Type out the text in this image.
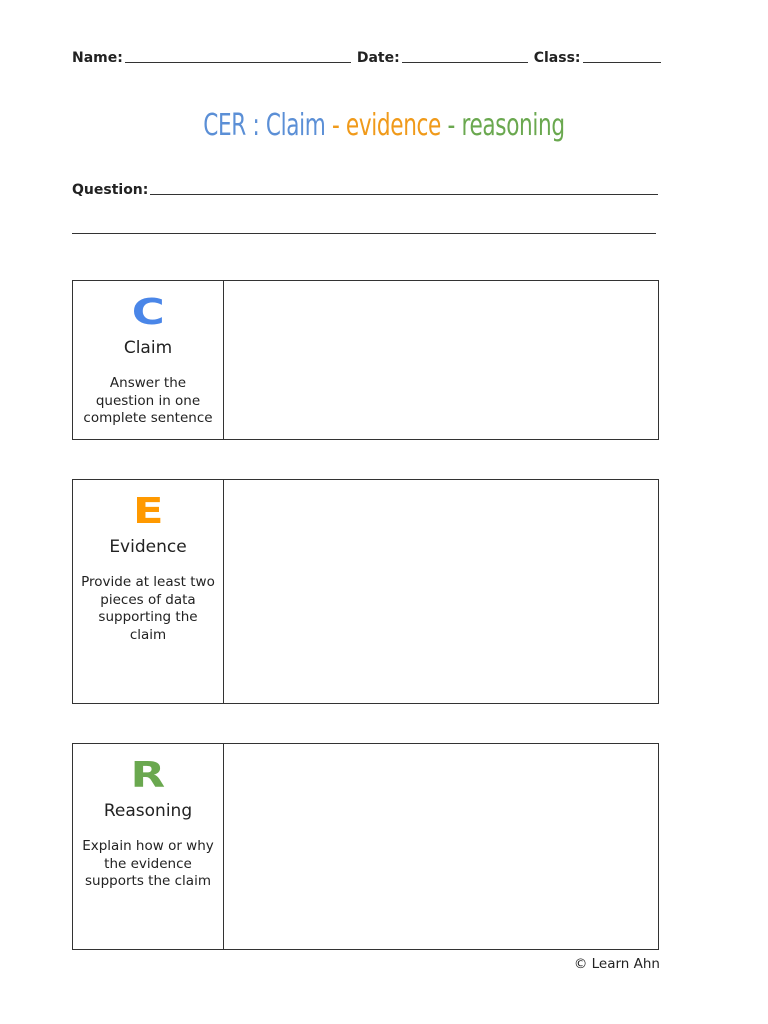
Name:	Date:	Class:
CER : Claim - evidence - reasoning
Question:
C
Claim
Answer the question in one complete sentence
E
Evidence
Provide at least two pieces of data supporting the claim
R
Reasoning
Explain how or why the evidence supports the claim
© Learn Ahn
